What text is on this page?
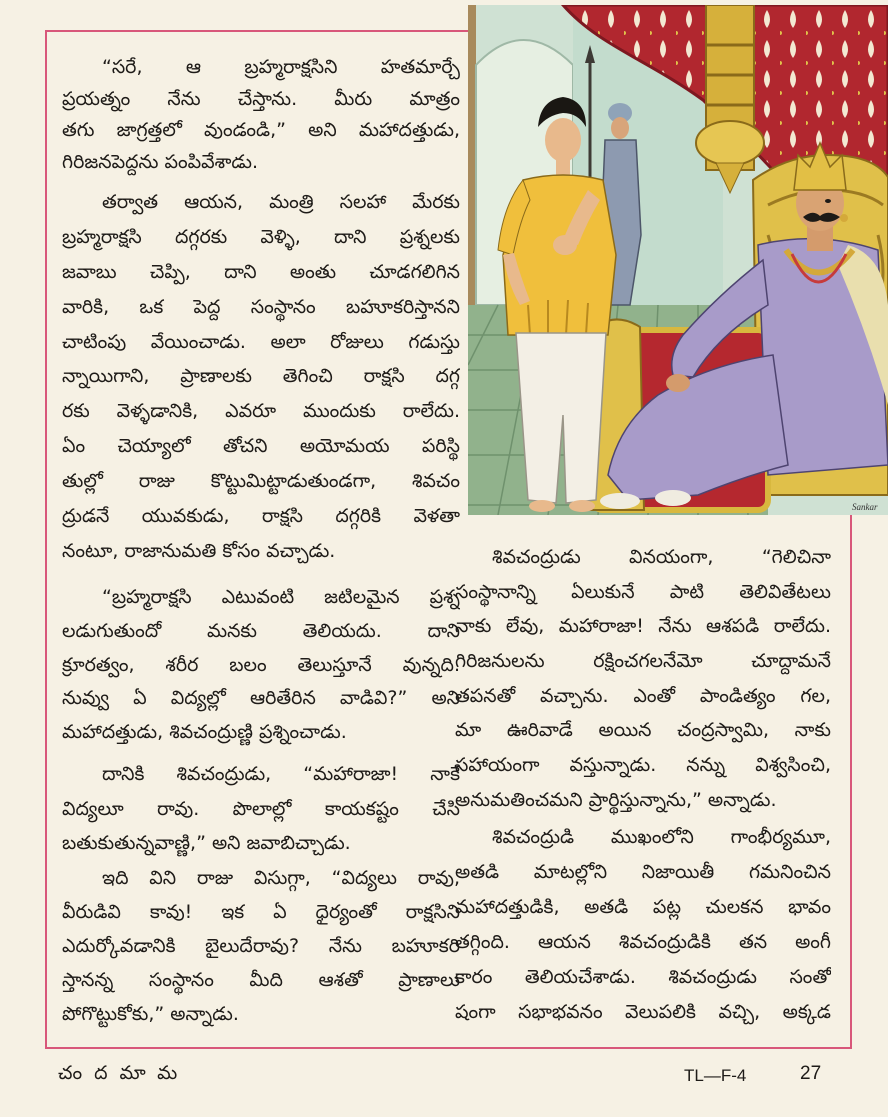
Sankar
“సరే, ఆ బ్రహ్మరాక్షసిని హతమార్చే
ప్రయత్నం నేను చేస్తాను. మీరు మాత్రం
తగు జాగ్రత్తలో వుండండి,” అని మహాదత్తుడు,
గిరిజనపెద్దను పంపివేశాడు.
తర్వాత ఆయన, మంత్రి సలహా మేరకు
బ్రహ్మరాక్షసి దగ్గరకు వెళ్ళి, దాని ప్రశ్నలకు
జవాబు చెప్పి, దాని అంతు చూడగలిగిన
వారికి, ఒక పెద్ద సంస్థానం బహూకరిస్తానని
చాటింపు వేయించాడు. అలా రోజులు గడుస్తు
న్నాయిగాని, ప్రాణాలకు తెగించి రాక్షసి దగ్గ
రకు వెళ్ళడానికి, ఎవరూ ముందుకు రాలేదు.
ఏం చెయ్యాలో తోచని అయోమయ పరిస్థి
తుల్లో రాజు కొట్టుమిట్టాడుతుండగా, శివచం
ద్రుడనే యువకుడు, రాక్షసి దగ్గరికి వెళతా
నంటూ, రాజానుమతి కోసం వచ్చాడు.
“బ్రహ్మరాక్షసి ఎటువంటి జటిలమైన ప్రశ్న
లడుగుతుందో మనకు తెలియదు. దాని
క్రూరత్వం, శరీర బలం తెలుస్తూనే వున్నది.
నువ్వు ఏ విద్యల్లో ఆరితేరిన వాడివి?” అని
మహాదత్తుడు, శివచంద్రుణ్ణి ప్రశ్నించాడు.
దానికి శివచంద్రుడు, “మహారాజా! నాకే
విద్యలూ రావు. పొలాల్లో కాయకష్టం చేసి
బతుకుతున్నవాణ్ణి,” అని జవాబిచ్చాడు.
ఇది విని రాజు విసుగ్గా, “విద్యలు రావు,
వీరుడివి కావు! ఇక ఏ ధైర్యంతో రాక్షసిని
ఎదుర్కోవడానికి బైలుదేరావు? నేను బహూకరి
స్తానన్న సంస్థానం మీది ఆశతో ప్రాణాలు
పోగొట్టుకోకు,” అన్నాడు.
శివచంద్రుడు వినయంగా, “గెలిచినా
సంస్థానాన్ని ఏలుకునే పాటి తెలివితేటలు
నాకు లేవు, మహారాజా! నేను ఆశపడి రాలేదు.
గిరిజనులను రక్షించగలనేమో చూద్దామనే
తపనతో వచ్చాను. ఎంతో పాండిత్యం గల,
మా ఊరివాడే అయిన చంద్రస్వామి, నాకు
సహాయంగా వస్తున్నాడు. నన్ను విశ్వసించి,
అనుమతించమని ప్రార్థిస్తున్నాను,” అన్నాడు.
శివచంద్రుడి ముఖంలోని గాంభీర్యమూ,
అతడి మాటల్లోని నిజాయితీ గమనించిన
మహాదత్తుడికి, అతడి పట్ల చులకన భావం
తగ్గింది. ఆయన శివచంద్రుడికి తన అంగీ
కారం తెలియచేశాడు. శివచంద్రుడు సంతో
షంగా సభాభవనం వెలుపలికి వచ్చి, అక్కడ
చందమామ	TL—F-4	27
